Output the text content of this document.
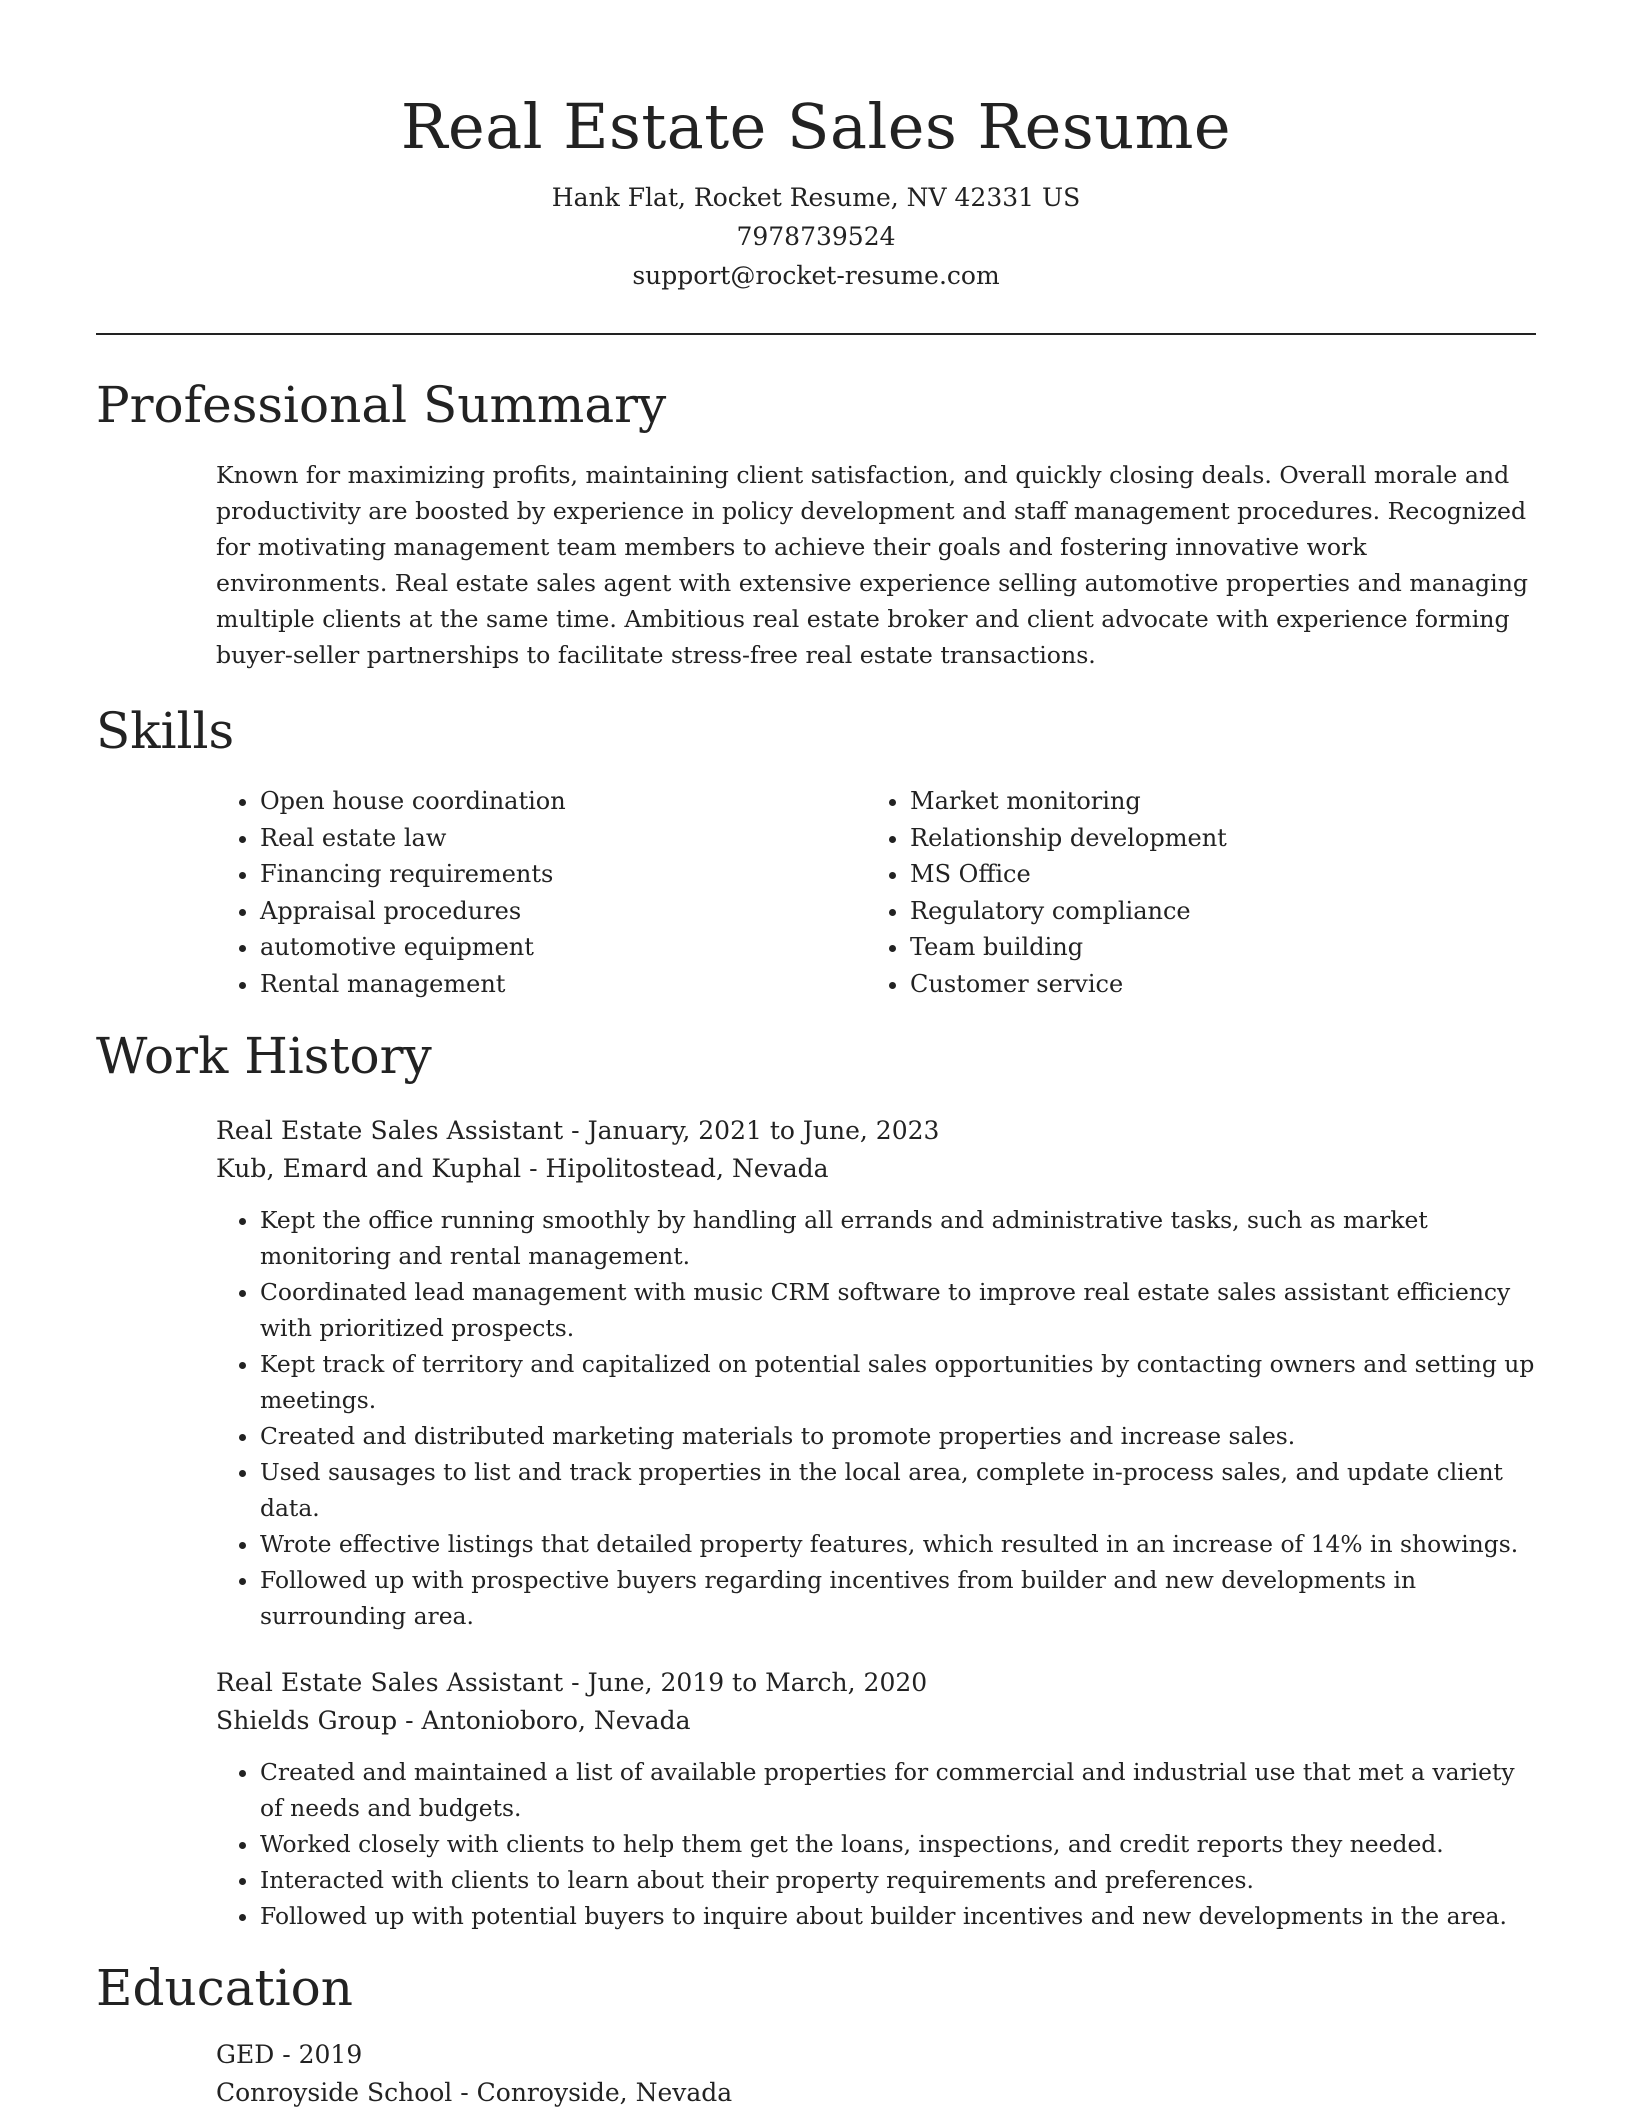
Real Estate Sales Resume
Hank Flat, Rocket Resume, NV 42331 US
7978739524
support@rocket-resume.com
Professional Summary

Known for maximizing profits, maintaining client satisfaction, and quickly closing deals. Overall morale and productivity are boosted by experience in policy development and staff management procedures. Recognized for motivating management team members to achieve their goals and fostering innovative work environments. Real estate sales agent with extensive experience selling automotive properties and managing multiple clients at the same time. Ambitious real estate broker and client advocate with experience forming buyer-seller partnerships to facilitate stress-free real estate transactions.

Skills
• Open house coordination
• Real estate law
• Financing requirements
• Appraisal procedures
• automotive equipment
• Rental management
• Market monitoring
• Relationship development
• MS Office
• Regulatory compliance
• Team building
• Customer service
Work History
Real Estate Sales Assistant - January, 2021 to June, 2023
Kub, Emard and Kuphal - Hipolitostead, Nevada
• Kept the office running smoothly by handling all errands and administrative tasks, such as market monitoring and rental management.
• Coordinated lead management with music CRM software to improve real estate sales assistant efficiency with prioritized prospects.
• Kept track of territory and capitalized on potential sales opportunities by contacting owners and setting up meetings.
• Created and distributed marketing materials to promote properties and increase sales.
• Used sausages to list and track properties in the local area, complete in-process sales, and update client data.
• Wrote effective listings that detailed property features, which resulted in an increase of 14% in showings.
• Followed up with prospective buyers regarding incentives from builder and new developments in surrounding area.
Real Estate Sales Assistant - June, 2019 to March, 2020
Shields Group - Antonioboro, Nevada
• Created and maintained a list of available properties for commercial and industrial use that met a variety of needs and budgets.
• Worked closely with clients to help them get the loans, inspections, and credit reports they needed.
• Interacted with clients to learn about their property requirements and preferences.
• Followed up with potential buyers to inquire about builder incentives and new developments in the area.
Education
GED - 2019
Conroyside School - Conroyside, Nevada
